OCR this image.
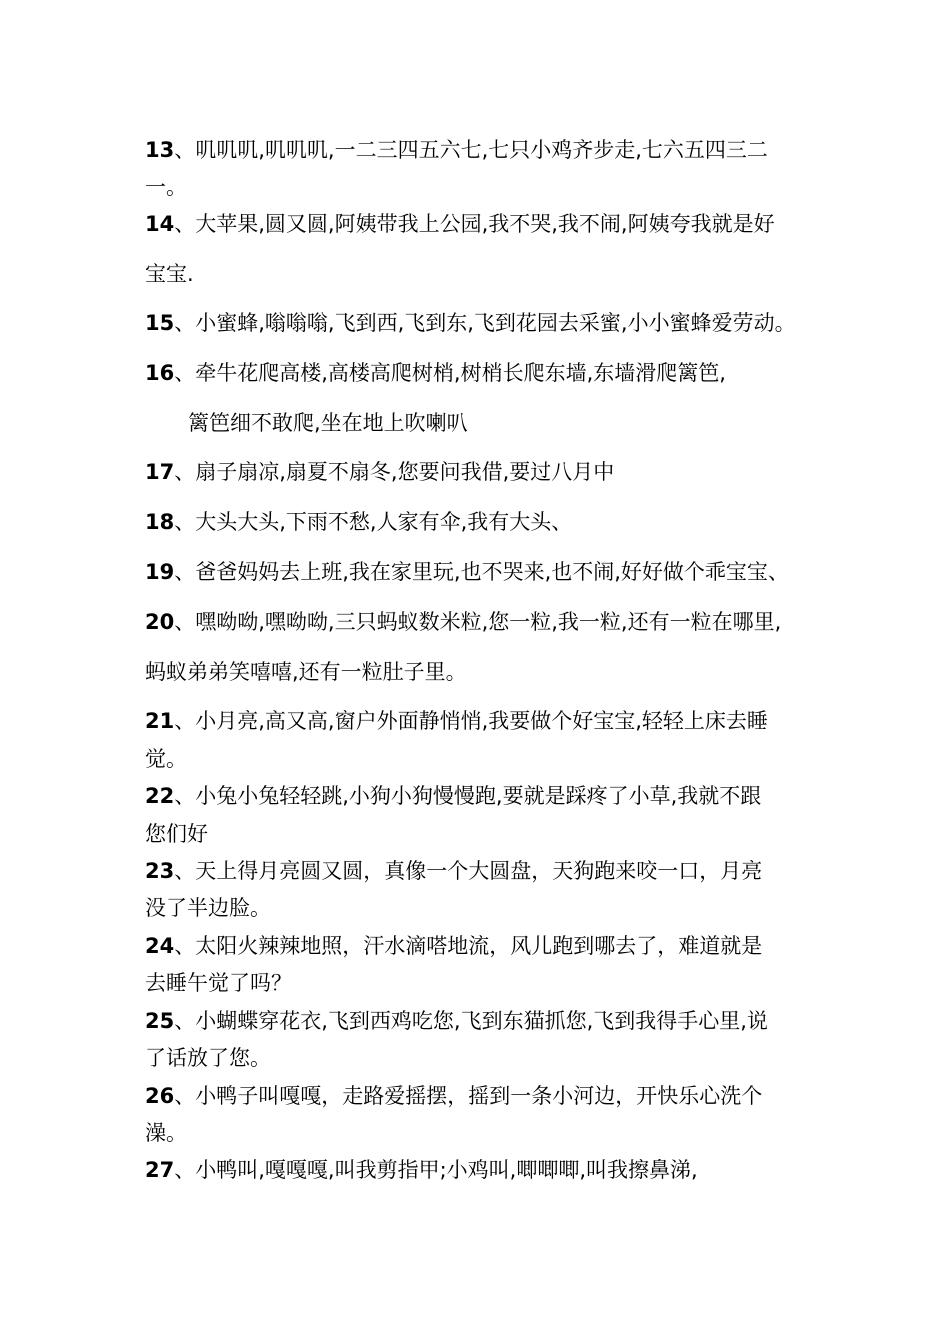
13、叽叽叽,叽叽叽,一二三四五六七,七只小鸡齐步走,七六五四三二
一。
14、大苹果,圆又圆,阿姨带我上公园,我不哭,我不闹,阿姨夸我就是好
宝宝.
15、小蜜蜂,嗡嗡嗡,飞到西,飞到东,飞到花园去采蜜,小小蜜蜂爱劳动。
16、牵牛花爬高楼,高楼高爬树梢,树梢长爬东墙,东墙滑爬篱笆,
篱笆细不敢爬,坐在地上吹喇叭
17、扇子扇凉,扇夏不扇冬,您要问我借,要过八月中
18、大头大头,下雨不愁,人家有伞,我有大头、
19、爸爸妈妈去上班,我在家里玩,也不哭来,也不闹,好好做个乖宝宝、
20、嘿呦呦,嘿呦呦,三只蚂蚁数米粒,您一粒,我一粒,还有一粒在哪里,
蚂蚁弟弟笑嘻嘻,还有一粒肚子里。
21、小月亮,高又高,窗户外面静悄悄,我要做个好宝宝,轻轻上床去睡
觉。
22、小兔小兔轻轻跳,小狗小狗慢慢跑,要就是踩疼了小草,我就不跟
您们好
23、天上得月亮圆又圆，真像一个大圆盘，天狗跑来咬一口，月亮
没了半边脸。
24、太阳火辣辣地照，汗水滴嗒地流，风儿跑到哪去了，难道就是
去睡午觉了吗？
25、小蝴蝶穿花衣,飞到西鸡吃您,飞到东猫抓您,飞到我得手心里,说
了话放了您。
26、小鸭子叫嘎嘎，走路爱摇摆，摇到一条小河边，开快乐心洗个
澡。
27、小鸭叫,嘎嘎嘎,叫我剪指甲;小鸡叫,唧唧唧,叫我擦鼻涕,
